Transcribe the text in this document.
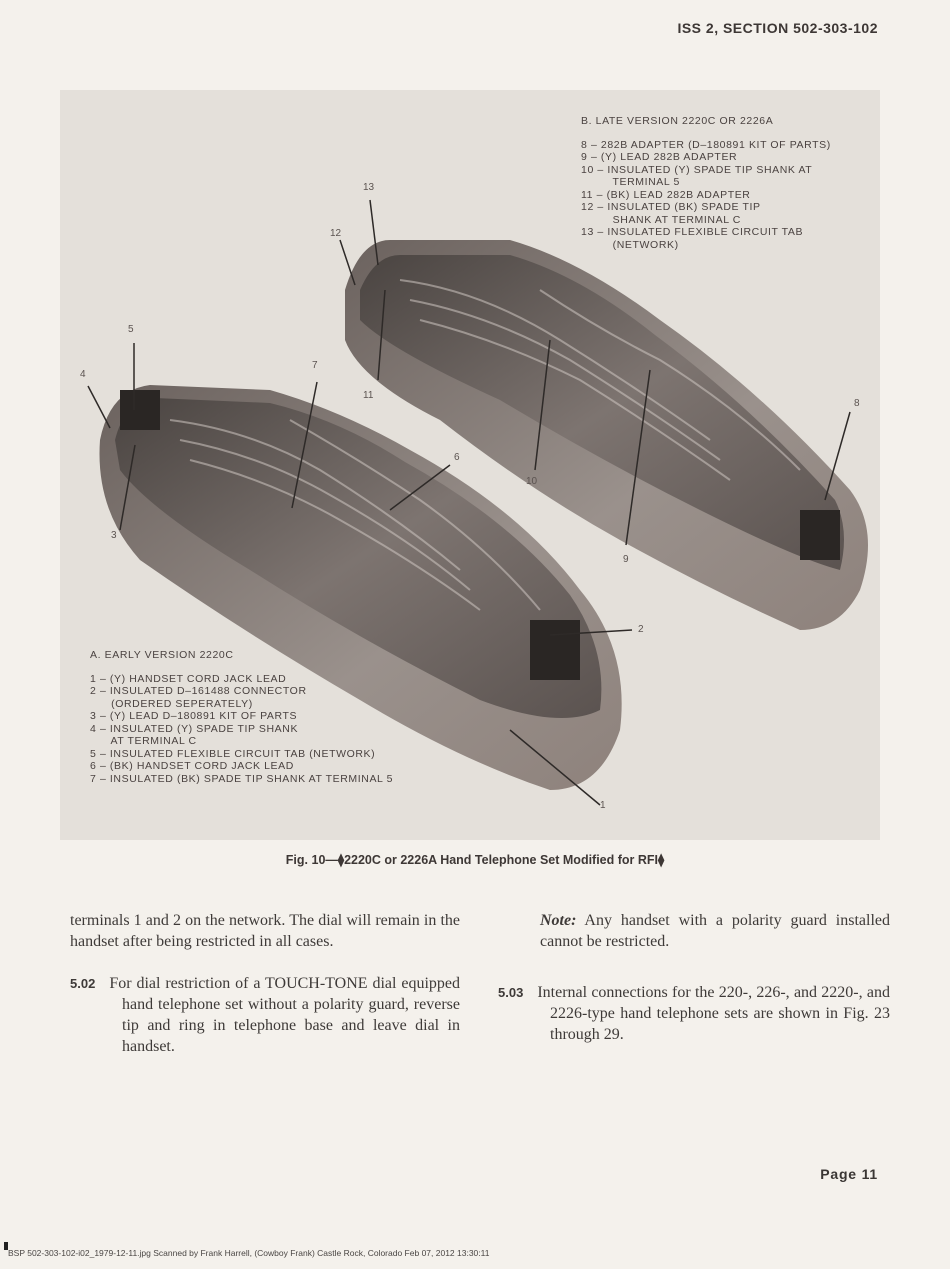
ISS 2, SECTION 502-303-102
5
4
3
7
6
2
1
13
12
11
10
9
8
B. LATE VERSION 2220C OR 2226A
8 – 282B ADAPTER (D–180891 KIT OF PARTS)
9 – (Y) LEAD 282B ADAPTER
10 – INSULATED (Y) SPADE TIP SHANK AT
TERMINAL 5
11 – (BK) LEAD 282B ADAPTER
12 – INSULATED (BK) SPADE TIP
SHANK AT TERMINAL C
13 – INSULATED FLEXIBLE CIRCUIT TAB
(NETWORK)
A. EARLY VERSION 2220C
1 – (Y) HANDSET CORD JACK LEAD
2 – INSULATED D–161488 CONNECTOR
(ORDERED SEPERATELY)
3 – (Y) LEAD D–180891 KIT OF PARTS
4 – INSULATED (Y) SPADE TIP SHANK
AT TERMINAL C
5 – INSULATED FLEXIBLE CIRCUIT TAB (NETWORK)
6 – (BK) HANDSET CORD JACK LEAD
7 – INSULATED (BK) SPADE TIP SHANK AT TERMINAL 5
Fig. 10—⧫2220C or 2226A Hand Telephone Set Modified for RFI⧫

terminals 1 and 2 on the network. The dial will remain in the handset after being restricted in all cases.

5.02 For dial restriction of a TOUCH-TONE dial equipped hand telephone set without a polarity guard, reverse tip and ring in telephone base and leave dial in handset.

Note: Any handset with a polarity guard installed cannot be restricted.

5.03 Internal connections for the 220-, 226-, and 2220-, and 2226-type hand telephone sets are shown in Fig. 23 through 29.

Page 11
BSP 502-303-102-i02_1979-12-11.jpg Scanned by Frank Harrell, (Cowboy Frank) Castle Rock, Colorado Feb 07, 2012 13:30:11
